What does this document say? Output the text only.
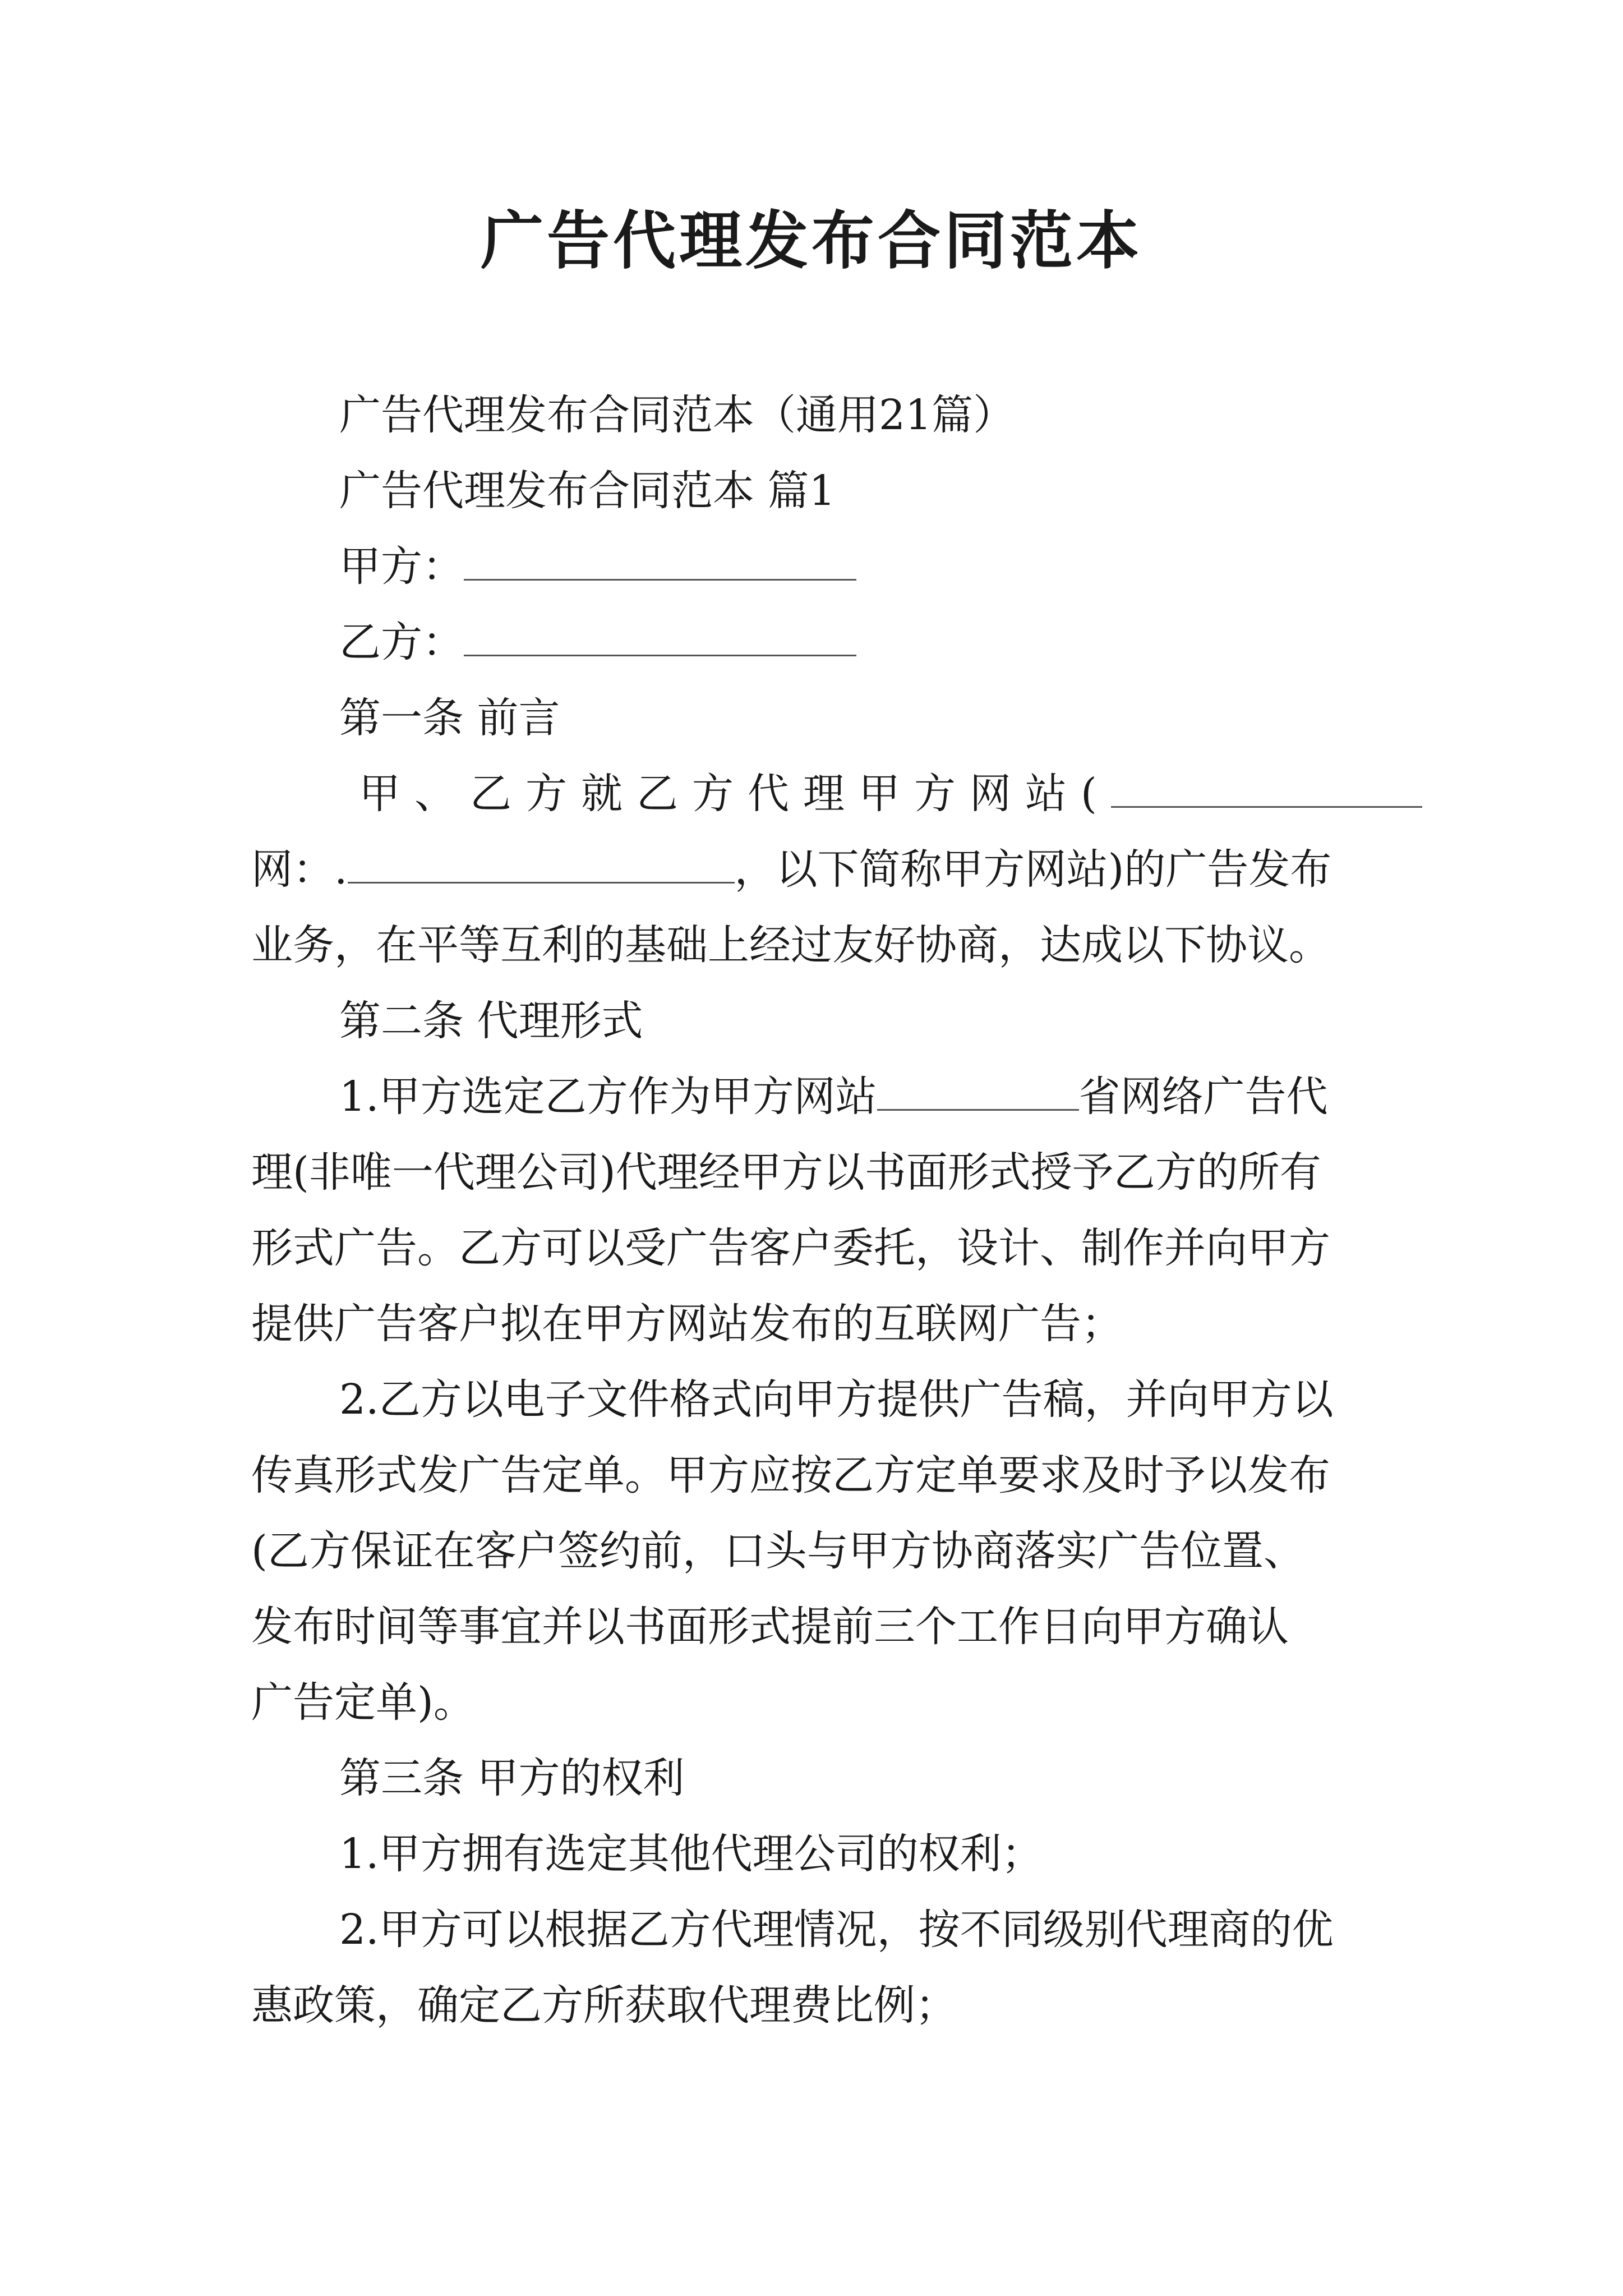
广告代理发布合同范本
广告代理发布合同范本（通用21篇）
广告代理发布合同范本 篇1
甲方：
乙方：
第一条 前言
甲、乙方就乙方代理甲方网站(
网：.	，以下简称甲方网站)的广告发布
业务，在平等互利的基础上经过友好协商，达成以下协议。
第二条 代理形式
1.甲方选定乙方作为甲方网站	省网络广告代
理(非唯一代理公司)代理经甲方以书面形式授予乙方的所有
形式广告。乙方可以受广告客户委托，设计、制作并向甲方
提供广告客户拟在甲方网站发布的互联网广告；
2.乙方以电子文件格式向甲方提供广告稿，并向甲方以
传真形式发广告定单。甲方应按乙方定单要求及时予以发布
(乙方保证在客户签约前，口头与甲方协商落实广告位置、
发布时间等事宜并以书面形式提前三个工作日向甲方确认
广告定单)。
第三条 甲方的权利
1.甲方拥有选定其他代理公司的权利；
2.甲方可以根据乙方代理情况，按不同级别代理商的优
惠政策，确定乙方所获取代理费比例；
